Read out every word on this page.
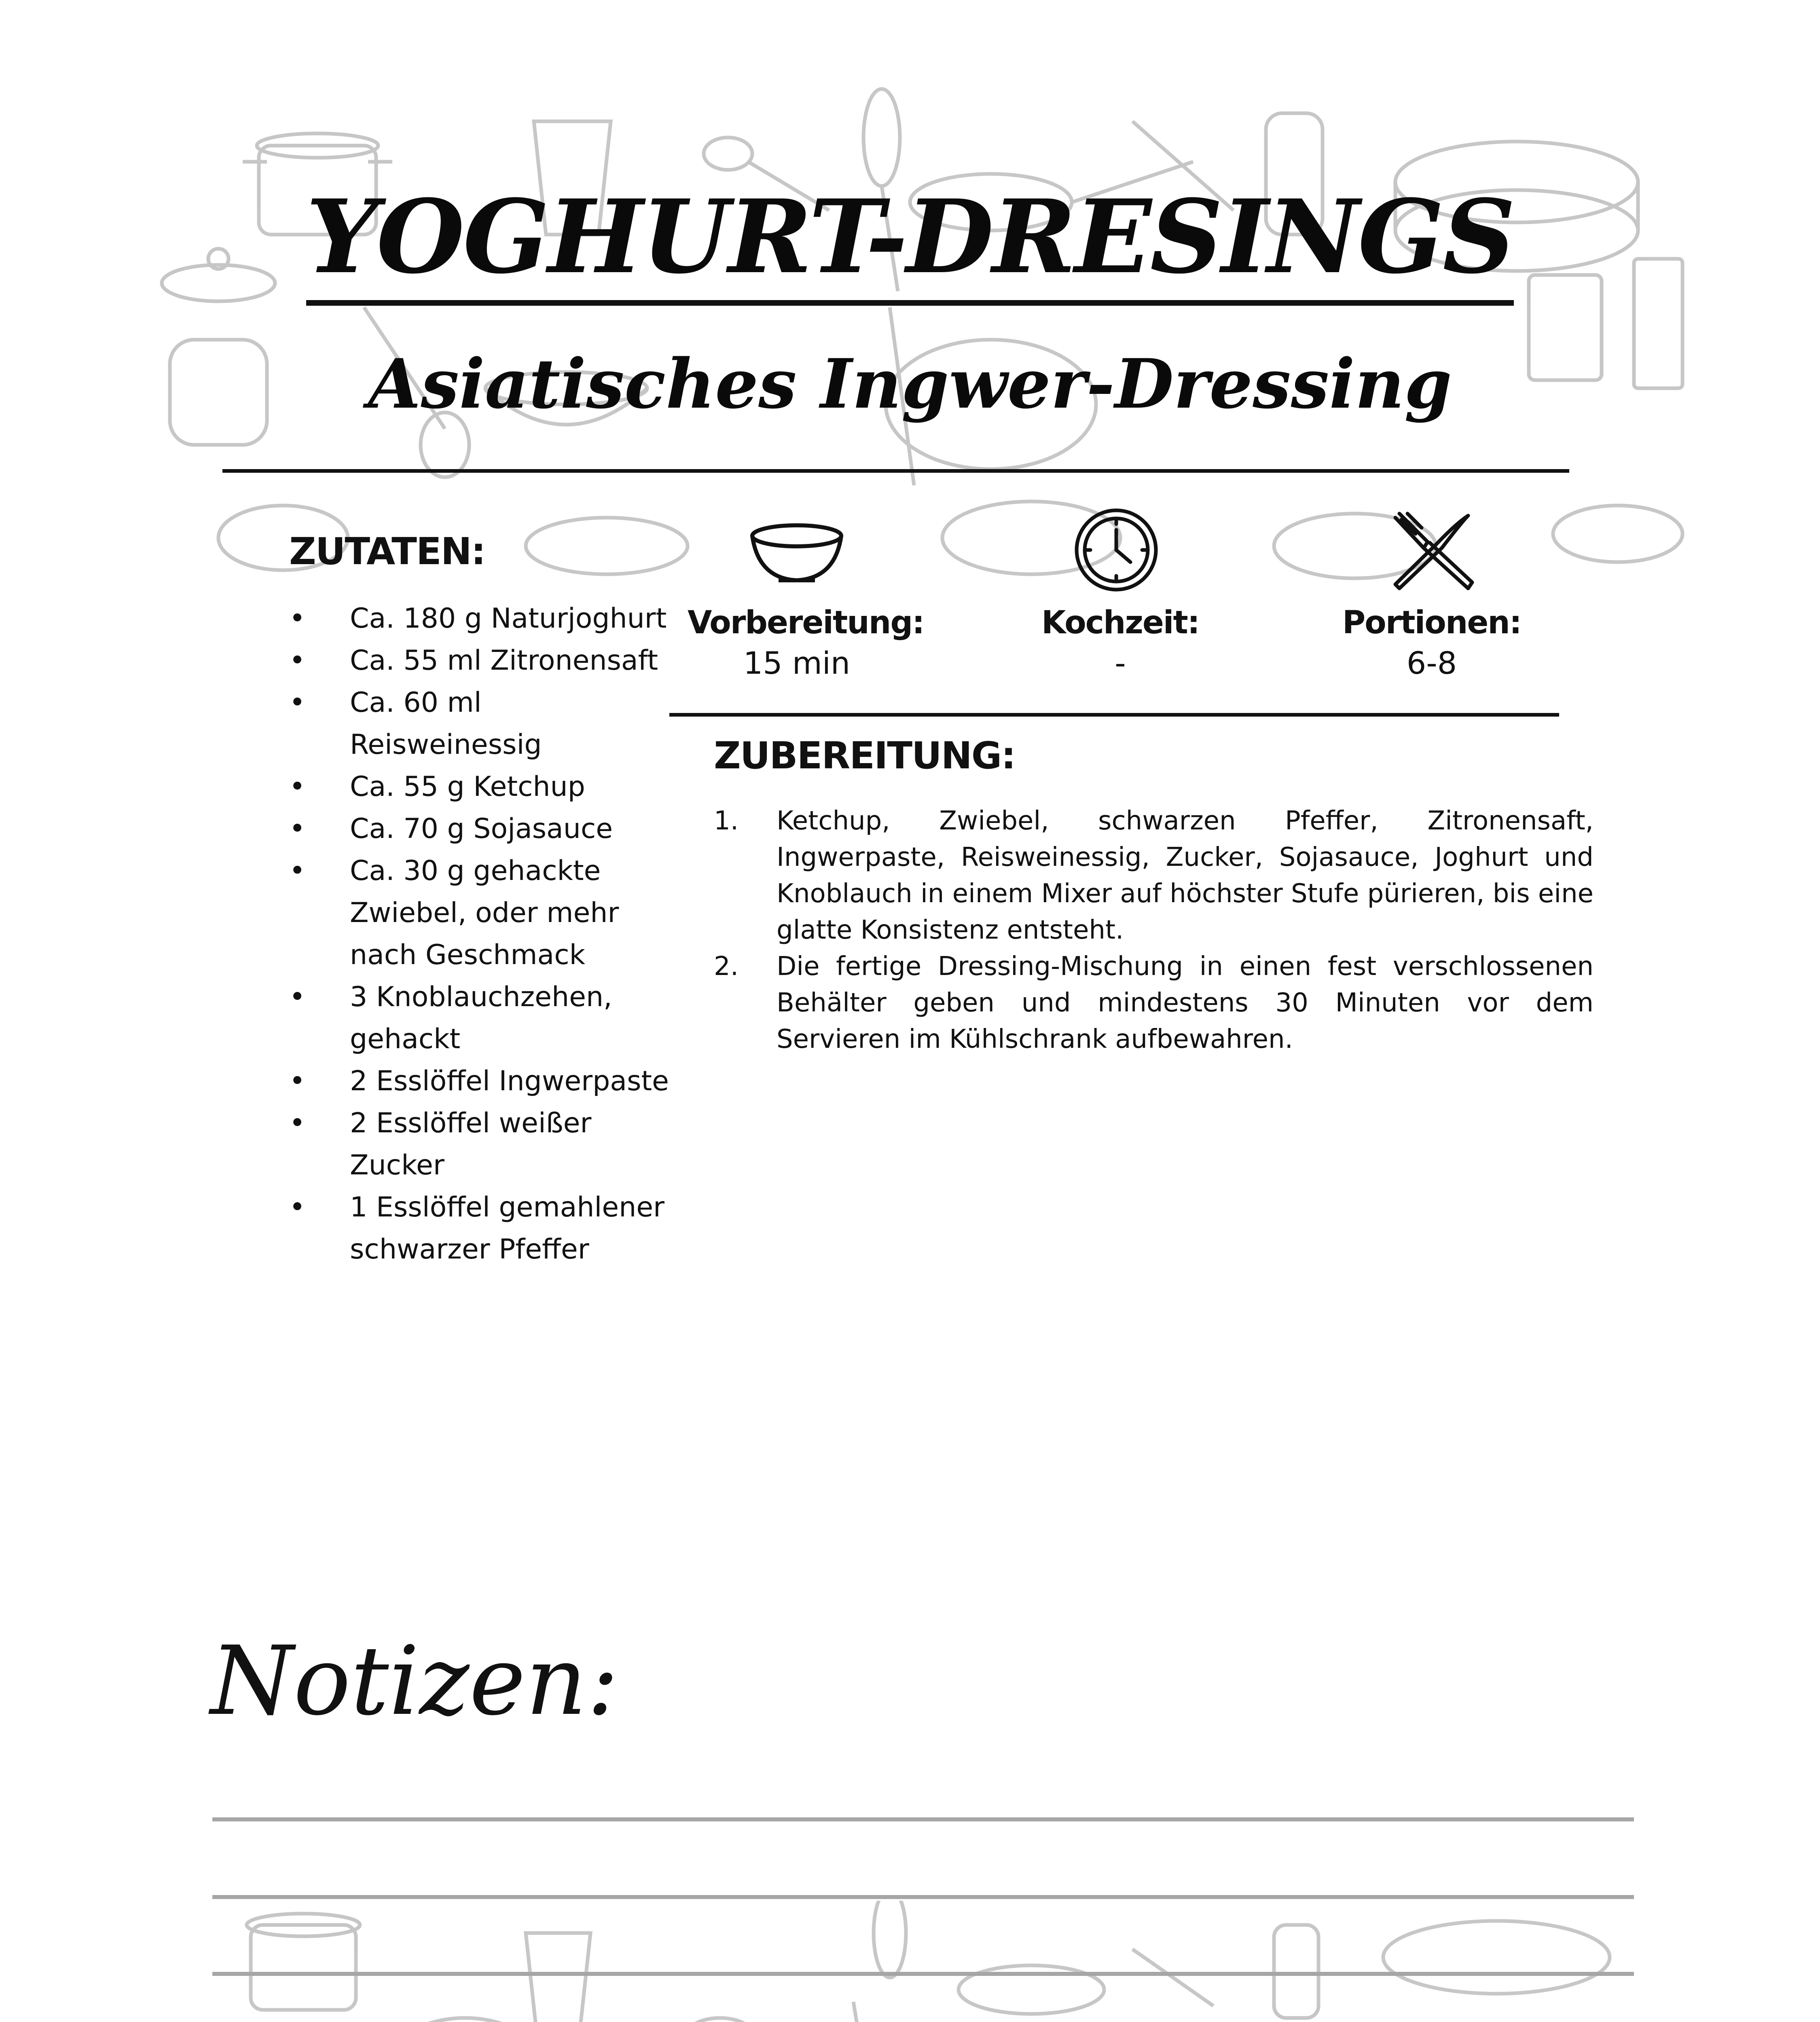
YOGHURT-DRESINGS
Asiatisches Ingwer-Dressing
ZUTATEN:
• Ca. 180 g Naturjoghurt
• Ca. 55 ml Zitronensaft
• Ca. 60 ml Reisweinessig
• Ca. 55 g Ketchup
• Ca. 70 g Sojasauce
• Ca. 30 g gehackte Zwiebel, oder mehr nach Geschmack
• 3 Knoblauchzehen, gehackt
• 2 Esslöffel Ingwerpaste
• 2 Esslöffel weißer Zucker
• 1 Esslöffel gemahlener schwarzer Pfeffer
Vorbereitung:
15 min
Kochzeit:
-
Portionen:
6-8
ZUBEREITUNG:
1. Ketchup, Zwiebel, schwarzen Pfeffer, Zitronensaft, Ingwerpaste, Reisweinessig, Zucker, Sojasauce, Joghurt und Knoblauch in einem Mixer auf höchster Stufe pürieren, bis eine glatte Konsistenz entsteht.
2. Die fertige Dressing-Mischung in einen fest verschlossenen Behälter geben und mindestens 30 Minuten vor dem Servieren im Kühlschrank aufbewahren.
Notizen:
